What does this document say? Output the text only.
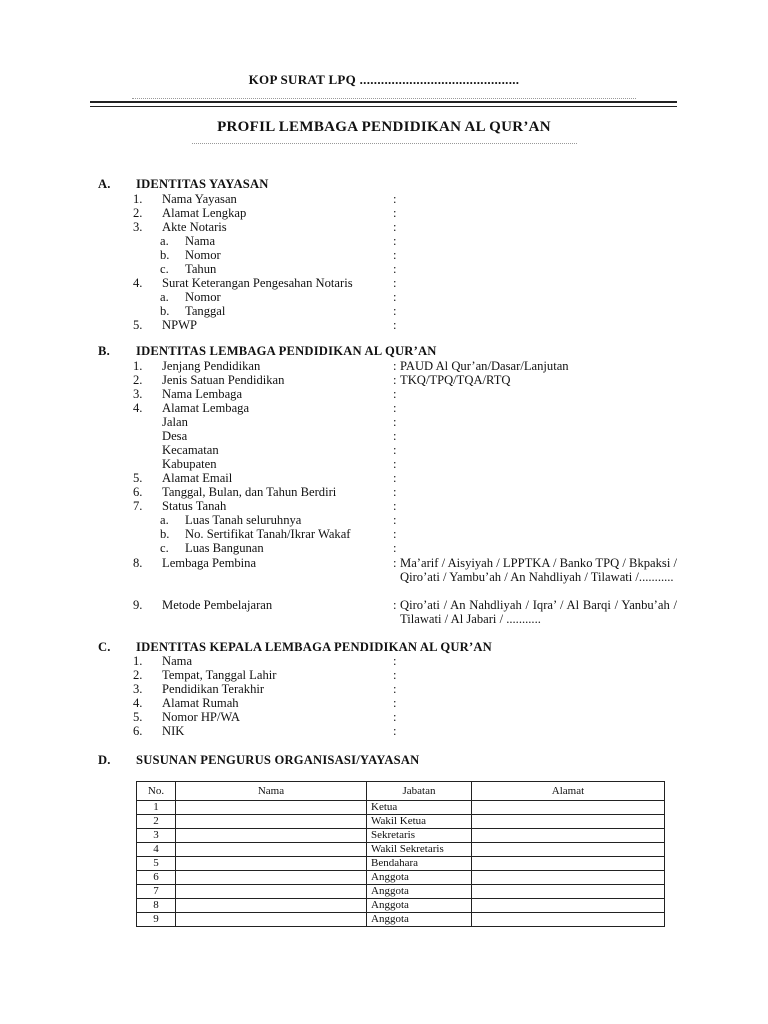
KOP SURAT LPQ .............................................
PROFIL LEMBAGA PENDIDIKAN AL QUR’AN
A. IDENTITAS YAYASAN
1. Nama Yayasan	:
2. Alamat Lengkap	:
3. Akte Notaris	:
a. Nama	:
b. Nomor	:
c. Tahun	:
4. Surat Keterangan Pengesahan Notaris	:
a. Nomor	:
b. Tanggal	:
5. NPWP	:
B. IDENTITAS LEMBAGA PENDIDIKAN AL QUR’AN
1. Jenjang Pendidikan	: PAUD Al Qur’an/Dasar/Lanjutan
2. Jenis Satuan Pendidikan	: TKQ/TPQ/TQA/RTQ
3. Nama Lembaga	:
4. Alamat Lembaga	:
Jalan	:
Desa	:
Kecamatan	:
Kabupaten	:
5. Alamat Email	:
6. Tanggal, Bulan, dan Tahun Berdiri	:
7. Status Tanah	:
a. Luas Tanah seluruhnya	:
b. No. Sertifikat Tanah/Ikrar Wakaf	:
c. Luas Bangunan	:
8. Lembaga Pembina	: Ma’arif / Aisyiyah / LPPTKA / Banko TPQ / Bkpaksi / Qiro’ati / Yambu’ah / An Nahdliyah / Tilawati /...........
9. Metode Pembelajaran	: Qiro’ati / An Nahdliyah / Iqra’ / Al Barqi / Yanbu’ah / Tilawati / Al Jabari / ...........
C. IDENTITAS KEPALA LEMBAGA PENDIDIKAN AL QUR’AN
1. Nama	:
2. Tempat, Tanggal Lahir	:
3. Pendidikan Terakhir	:
4. Alamat Rumah	:
5. Nomor HP/WA	:
6. NIK	:
D. SUSUNAN PENGURUS ORGANISASI/YAYASAN
No.	Nama	Jabatan	Alamat
1		Ketua	
2		Wakil Ketua	
3		Sekretaris	
4		Wakil Sekretaris	
5		Bendahara	
6		Anggota	
7		Anggota	
8		Anggota	
9		Anggota	
